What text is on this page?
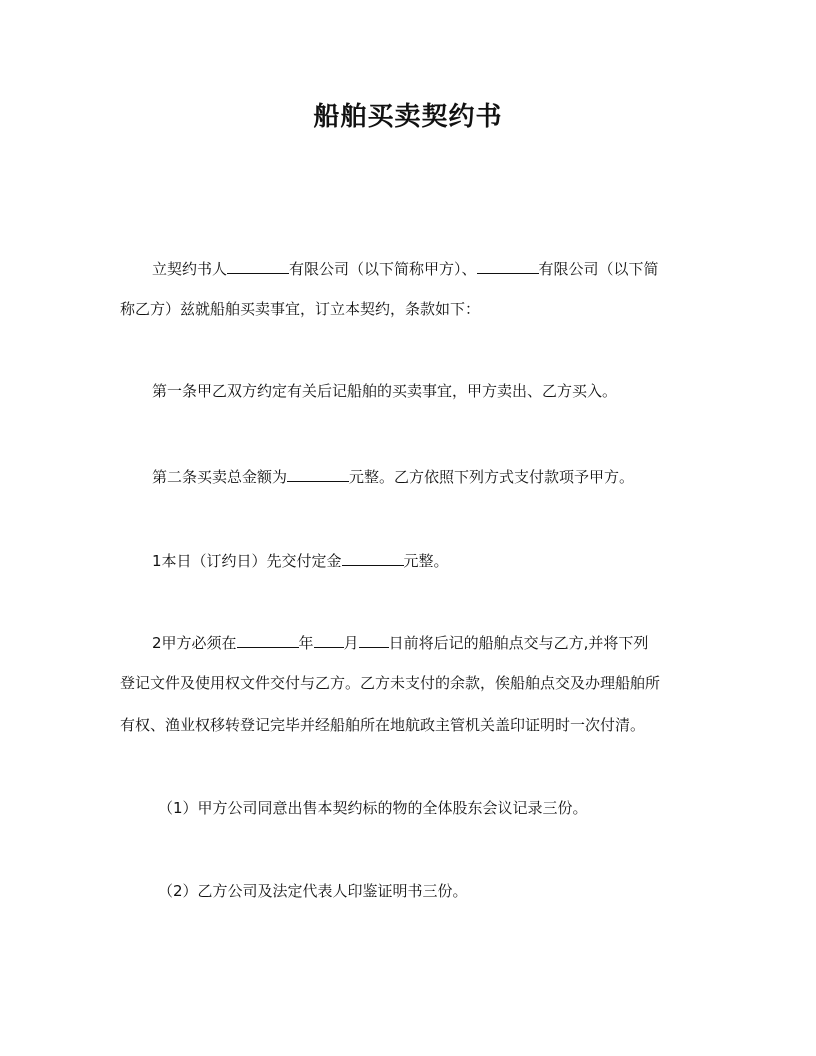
船舶买卖契约书
立契约书人	有限公司（以下简称甲方）、	有限公司（以下简
称乙方）兹就船舶买卖事宜，订立本契约，条款如下：
第一条甲乙双方约定有关后记船舶的买卖事宜，甲方卖出、乙方买入。
第二条买卖总金额为	元整。乙方依照下列方式支付款项予甲方。
1本日（订约日）先交付定金	元整。
2甲方必须在	年 月 日前将后记的船舶点交与乙方,并将下列
登记文件及使用权文件交付与乙方。乙方未支付的余款，俟船舶点交及办理船舶所
有权、渔业权移转登记完毕并经船舶所在地航政主管机关盖印证明时一次付清。
（1）甲方公司同意出售本契约标的物的全体股东会议记录三份。
（2）乙方公司及法定代表人印鉴证明书三份。
